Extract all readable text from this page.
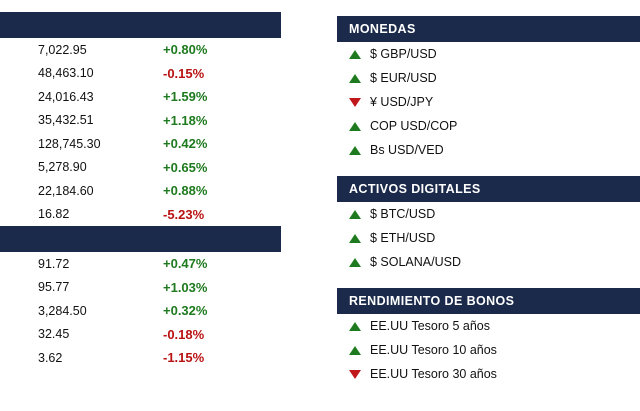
7,022.95	+0.80%
48,463.10	-0.15%
24,016.43	+1.59%
35,432.51	+1.18%
128,745.30	+0.42%
5,278.90	+0.65%
22,184.60	+0.88%
16.82	-5.23%
91.72	+0.47%
95.77	+1.03%
3,284.50	+0.32%
32.45	-0.18%
3.62	-1.15%
MONEDAS
$ GBP/USD
$ EUR/USD
¥ USD/JPY
COP USD/COP
Bs USD/VED
ACTIVOS DIGITALES
$ BTC/USD
$ ETH/USD
$ SOLANA/USD
RENDIMIENTO DE BONOS
EE.UU Tesoro 5 años
EE.UU Tesoro 10 años
EE.UU Tesoro 30 años
